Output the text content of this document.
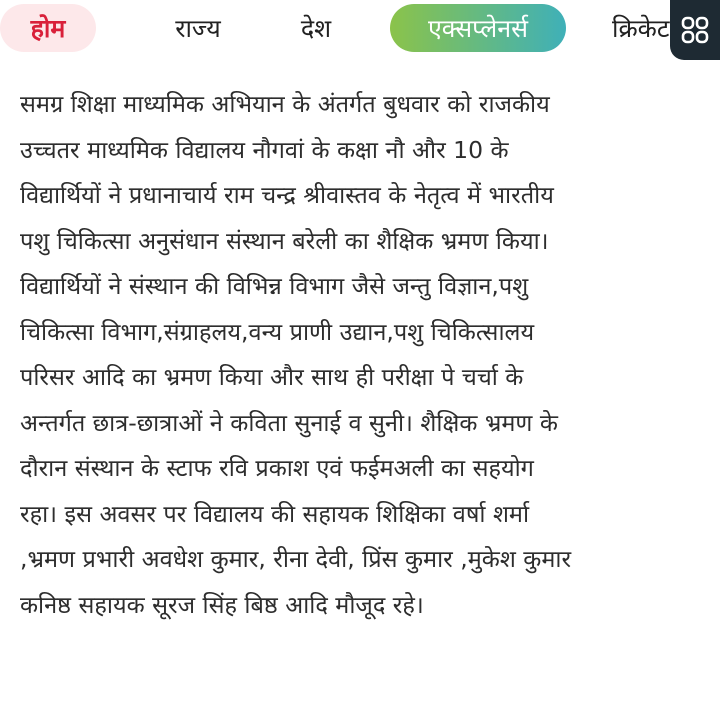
होम	राज्य	देश	एक्सप्लेनर्स	क्रिकेट
समग्र शिक्षा माध्यमिक अभियान के अंतर्गत बुधवार को राजकीय
उच्चतर माध्यमिक विद्यालय नौगवां के कक्षा नौ और 10 के
विद्यार्थियों ने प्रधानाचार्य राम चन्द्र श्रीवास्तव के नेतृत्व में भारतीय
पशु चिकित्सा अनुसंधान संस्थान बरेली का शैक्षिक भ्रमण किया।
विद्यार्थियों ने संस्थान की विभिन्न विभाग जैसे जन्तु विज्ञान,पशु
चिकित्सा विभाग,संग्राहलय,वन्य प्राणी उद्यान,पशु चिकित्सालय
परिसर आदि का भ्रमण किया और साथ ही परीक्षा पे चर्चा के
अन्तर्गत छात्र-छात्राओं ने कविता सुनाई व सुनी। शैक्षिक भ्रमण के
दौरान संस्थान के स्टाफ रवि प्रकाश एवं फईमअली का सहयोग
रहा। इस अवसर पर विद्यालय की सहायक शिक्षिका वर्षा शर्मा
,भ्रमण प्रभारी अवधेश कुमार, रीना देवी, प्रिंस कुमार ,मुकेश कुमार
कनिष्ठ सहायक सूरज सिंह बिष्ठ आदि मौजूद रहे।
